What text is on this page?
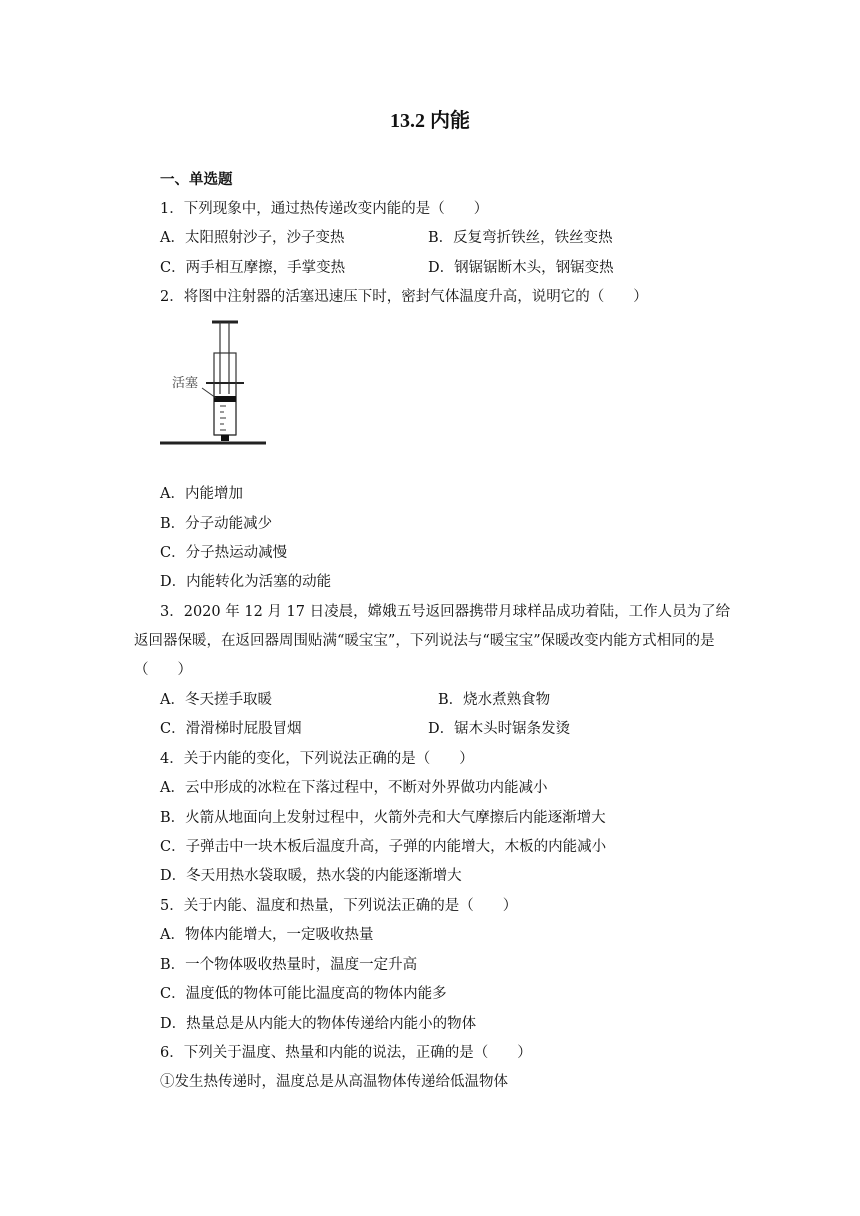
13.2 内能
一、单选题
1．下列现象中，通过热传递改变内能的是（　　）
A．太阳照射沙子，沙子变热	B．反复弯折铁丝，铁丝变热
C．两手相互摩擦，手掌变热	D．钢锯锯断木头，钢锯变热
2．将图中注射器的活塞迅速压下时，密封气体温度升高，说明它的（　　）
活塞
A．内能增加
B．分子动能减少
C．分子热运动减慢
D．内能转化为活塞的动能
3．2020 年 12 月 17 日凌晨，嫦娥五号返回器携带月球样品成功着陆，工作人员为了给
返回器保暖，在返回器周围贴满“暖宝宝”，下列说法与“暖宝宝”保暖改变内能方式相同的是
（　　）
A．冬天搓手取暖	B．烧水煮熟食物
C．滑滑梯时屁股冒烟	D．锯木头时锯条发烫
4．关于内能的变化，下列说法正确的是（　　）
A．云中形成的冰粒在下落过程中，不断对外界做功内能减小
B．火箭从地面向上发射过程中，火箭外壳和大气摩擦后内能逐渐增大
C．子弹击中一块木板后温度升高，子弹的内能增大，木板的内能减小
D．冬天用热水袋取暖，热水袋的内能逐渐增大
5．关于内能、温度和热量，下列说法正确的是（　　）
A．物体内能增大，一定吸收热量
B．一个物体吸收热量时，温度一定升高
C．温度低的物体可能比温度高的物体内能多
D．热量总是从内能大的物体传递给内能小的物体
6．下列关于温度、热量和内能的说法，正确的是（　　）
①发生热传递时，温度总是从高温物体传递给低温物体
